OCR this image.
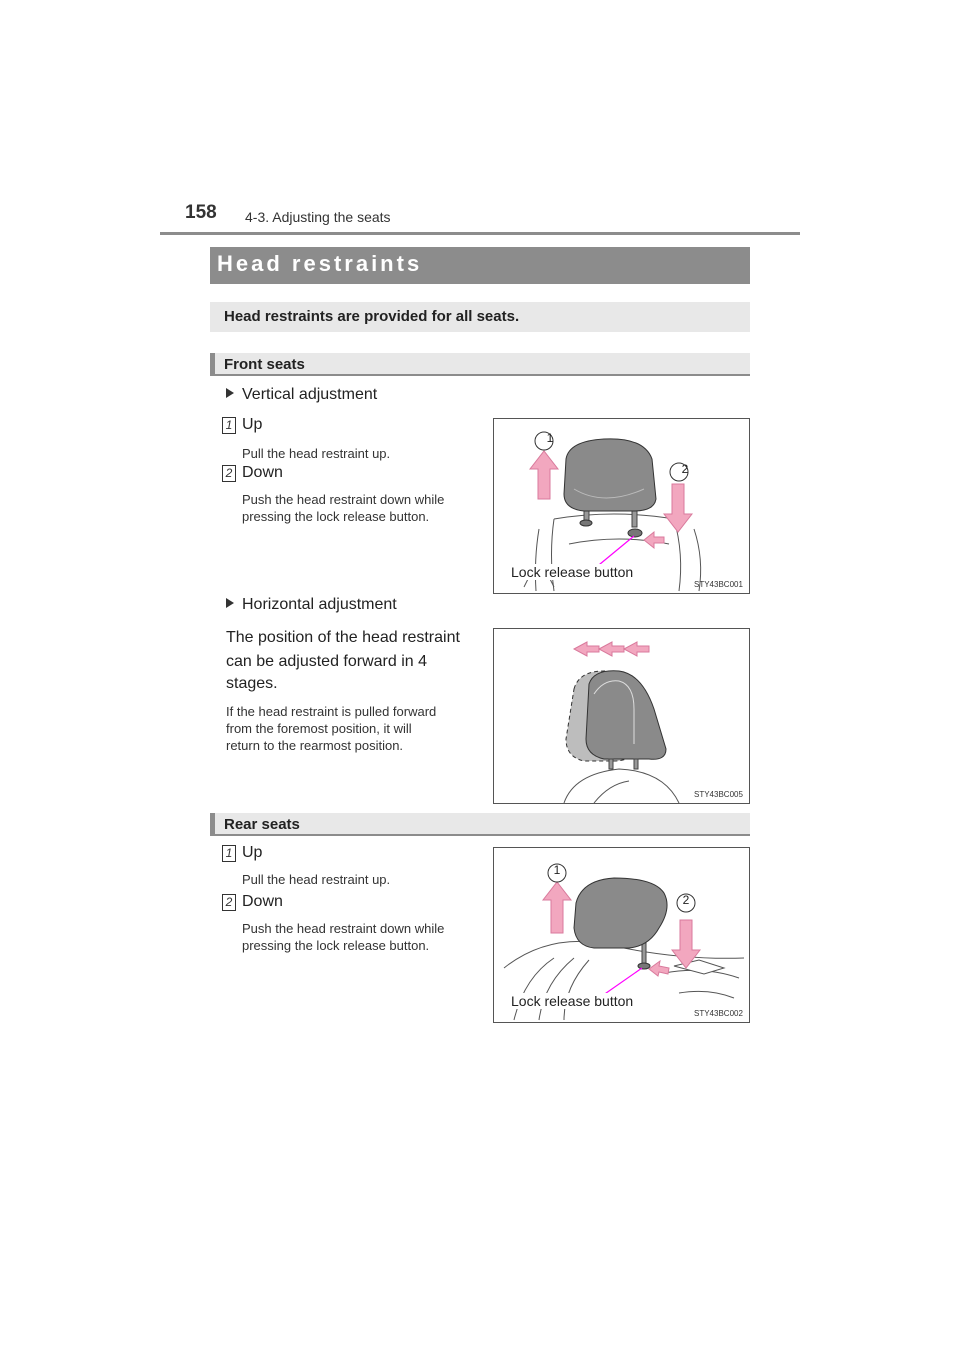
158 4-3. Adjusting the seats
Head restraints
Head restraints are provided for all seats.
Front seats
Vertical adjustment
1 Up
Pull the head restraint up.
2 Down
Push the head restraint down while
pressing the lock release button.
1
2
Lock release button
STY43BC001
Horizontal adjustment
The position of the head restraint
can be adjusted forward in 4
stages.
If the head restraint is pulled forward
from the foremost position, it will
return to the rearmost position.
STY43BC005
Rear seats
1 Up
Pull the head restraint up.
2 Down
Push the head restraint down while
pressing the lock release button.
1
2
Lock release button
STY43BC002
